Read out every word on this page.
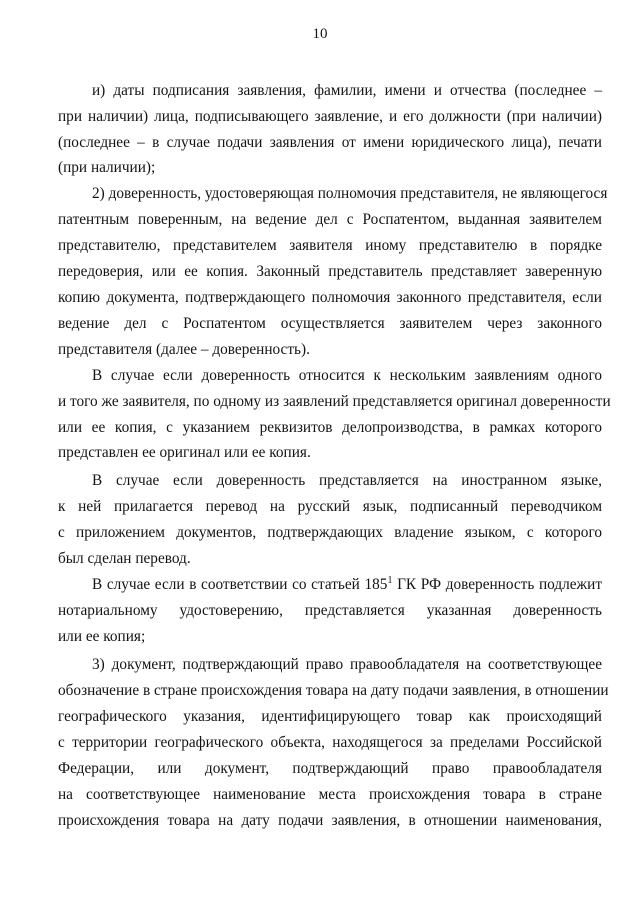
10
и) даты подписания заявления, фамилии, имени и отчества (последнее –
при наличии) лица, подписывающего заявление, и его должности (при наличии)
(последнее – в случае подачи заявления от имени юридического лица), печати
(при наличии);
2) доверенность, удостоверяющая полномочия представителя, не являющегося
патентным поверенным, на ведение дел с Роспатентом, выданная заявителем
представителю, представителем заявителя иному представителю в порядке
передоверия, или ее копия. Законный представитель представляет заверенную
копию документа, подтверждающего полномочия законного представителя, если
ведение дел с Роспатентом осуществляется заявителем через законного
представителя (далее – доверенность).
В случае если доверенность относится к нескольким заявлениям одного
и того же заявителя, по одному из заявлений представляется оригинал доверенности
или ее копия, с указанием реквизитов делопроизводства, в рамках которого
представлен ее оригинал или ее копия.
В случае если доверенность представляется на иностранном языке,
к ней прилагается перевод на русский язык, подписанный переводчиком
с приложением документов, подтверждающих владение языком, с которого
был сделан перевод.
В случае если в соответствии со статьей $185^1$ ГК РФ доверенность подлежит
нотариальному удостоверению, представляется указанная доверенность
или ее копия;
3) документ, подтверждающий право правообладателя на соответствующее
обозначение в стране происхождения товара на дату подачи заявления, в отношении
географического указания, идентифицирующего товар как происходящий
с территории географического объекта, находящегося за пределами Российской
Федерации, или документ, подтверждающий право правообладателя
на соответствующее наименование места происхождения товара в стране
происхождения товара на дату подачи заявления, в отношении наименования,
